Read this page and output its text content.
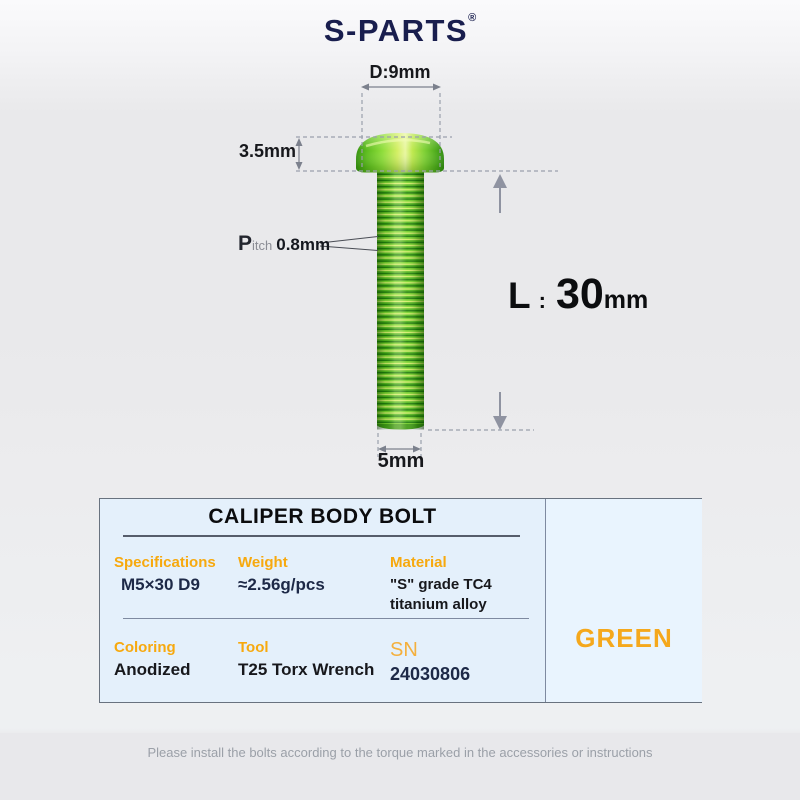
S-PARTS®
D:9mm
3.5mm
Pitch 0.8mm
L : 30mm
5mm
CALIPER BODY BOLT
Specifications
M5×30 D9
Weight
≈2.56g/pcs
Material
"S" grade TC4
titanium alloy
Coloring
Anodized
Tool
T25 Torx Wrench
SN
24030806
GREEN
Please install the bolts according to the torque marked in the accessories or instructions
